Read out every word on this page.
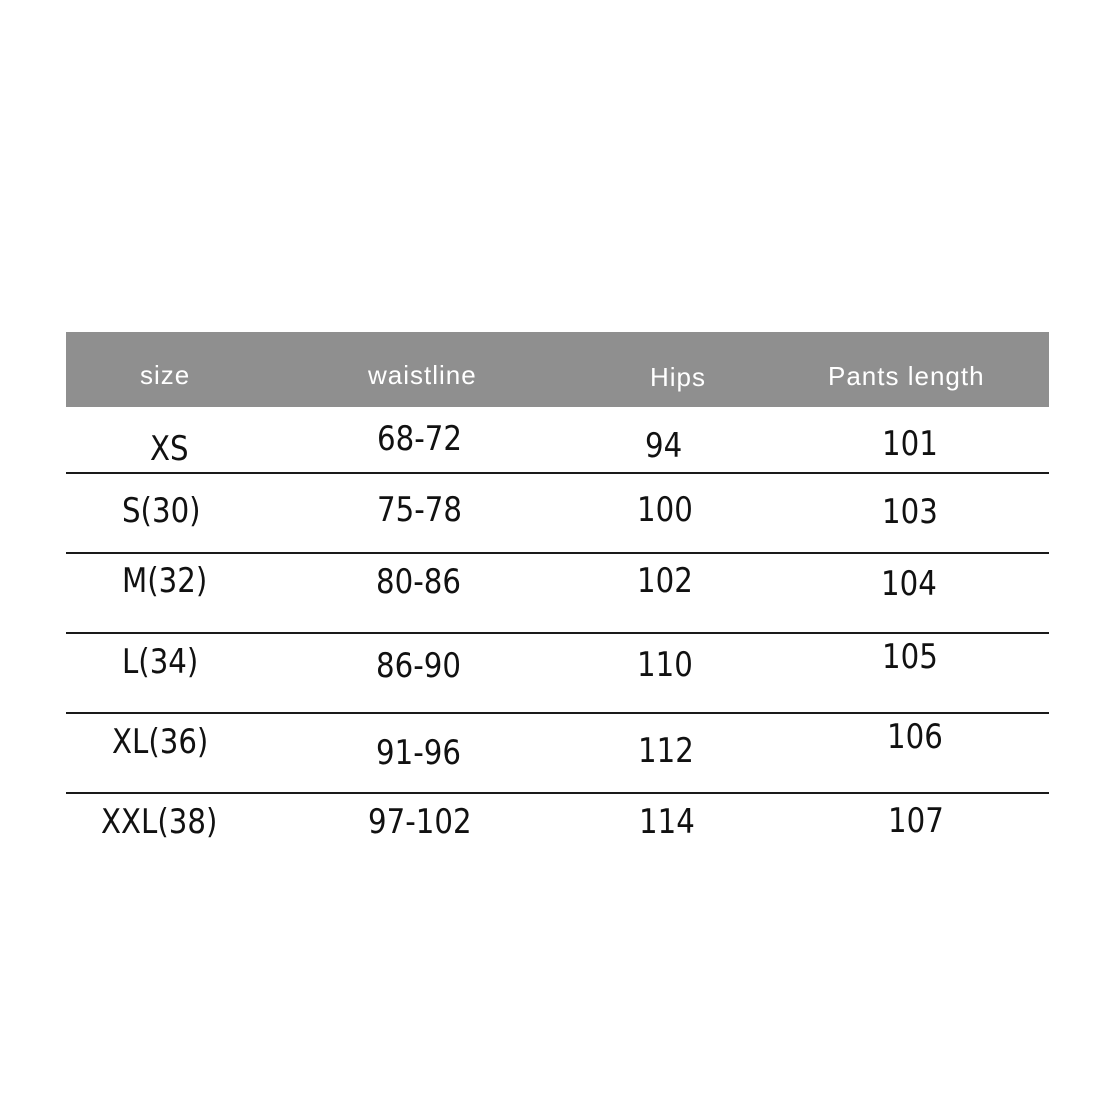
size	waistline	Hips	Pants length
XS	68-72	94	101
S(30)	75-78	100	103
M(32)	80-86	102	104
L(34)	86-90	110	105
XL(36)	91-96	112	106
XXL(38)	97-102	114	107
